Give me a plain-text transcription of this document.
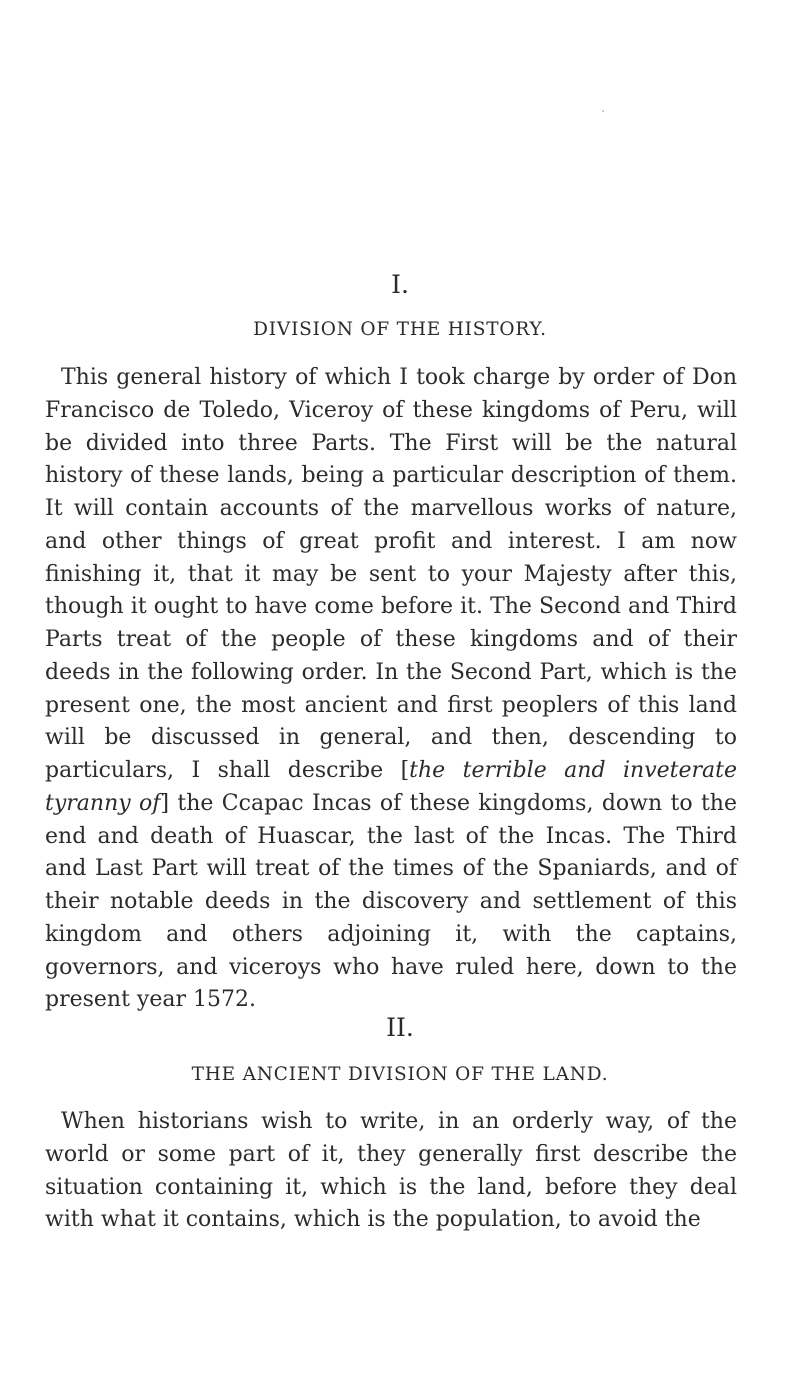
I.
DIVISION OF THE HISTORY.

This general history of which I took charge by order of Don Francisco de Toledo, Viceroy of these kingdoms of Peru, will be divided into three Parts. The First will be the natural history of these lands, being a particular description of them. It will contain accounts of the marvellous works of nature, and other things of great profit and interest. I am now finishing it, that it may be sent to your Majesty after this, though it ought to have come before it. The Second and Third Parts treat of the people of these kingdoms and of their deeds in the following order. In the Second Part, which is the present one, the most ancient and first peoplers of this land will be discussed in general, and then, descending to particulars, I shall describe [the terrible and inveterate tyranny of] the Ccapac Incas of these kingdoms, down to the end and death of Huascar, the last of the Incas. The Third and Last Part will treat of the times of the Spaniards, and of their notable deeds in the discovery and settlement of this kingdom and others adjoining it, with the captains, governors, and viceroys who have ruled here, down to the present year 1572.

II.
THE ANCIENT DIVISION OF THE LAND.

When historians wish to write, in an orderly way, of the world or some part of it, they generally first describe the situation containing it, which is the land, before they deal with what it contains, which is the population, to avoid the
